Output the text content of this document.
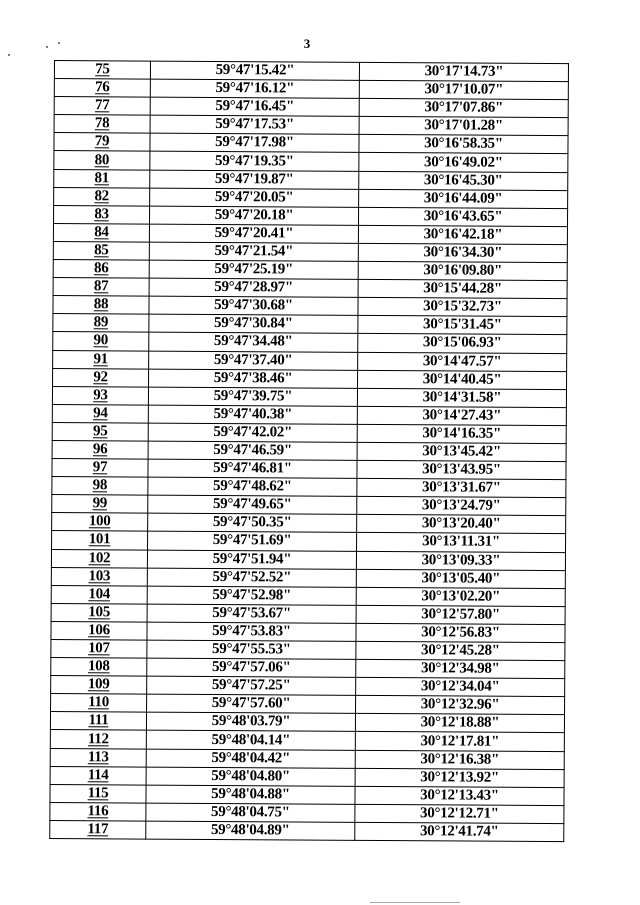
3
75	59°47'15.42"	30°17'14.73"
76	59°47'16.12"	30°17'10.07"
77	59°47'16.45"	30°17'07.86"
78	59°47'17.53"	30°17'01.28"
79	59°47'17.98"	30°16'58.35"
80	59°47'19.35"	30°16'49.02"
81	59°47'19.87"	30°16'45.30"
82	59°47'20.05"	30°16'44.09"
83	59°47'20.18"	30°16'43.65"
84	59°47'20.41"	30°16'42.18"
85	59°47'21.54"	30°16'34.30"
86	59°47'25.19"	30°16'09.80"
87	59°47'28.97"	30°15'44.28"
88	59°47'30.68"	30°15'32.73"
89	59°47'30.84"	30°15'31.45"
90	59°47'34.48"	30°15'06.93"
91	59°47'37.40"	30°14'47.57"
92	59°47'38.46"	30°14'40.45"
93	59°47'39.75"	30°14'31.58"
94	59°47'40.38"	30°14'27.43"
95	59°47'42.02"	30°14'16.35"
96	59°47'46.59"	30°13'45.42"
97	59°47'46.81"	30°13'43.95"
98	59°47'48.62"	30°13'31.67"
99	59°47'49.65"	30°13'24.79"
100	59°47'50.35"	30°13'20.40"
101	59°47'51.69"	30°13'11.31"
102	59°47'51.94"	30°13'09.33"
103	59°47'52.52"	30°13'05.40"
104	59°47'52.98"	30°13'02.20"
105	59°47'53.67"	30°12'57.80"
106	59°47'53.83"	30°12'56.83"
107	59°47'55.53"	30°12'45.28"
108	59°47'57.06"	30°12'34.98"
109	59°47'57.25"	30°12'34.04"
110	59°47'57.60"	30°12'32.96"
111	59°48'03.79"	30°12'18.88"
112	59°48'04.14"	30°12'17.81"
113	59°48'04.42"	30°12'16.38"
114	59°48'04.80"	30°12'13.92"
115	59°48'04.88"	30°12'13.43"
116	59°48'04.75"	30°12'12.71"
117	59°48'04.89"	30°12'41.74"
